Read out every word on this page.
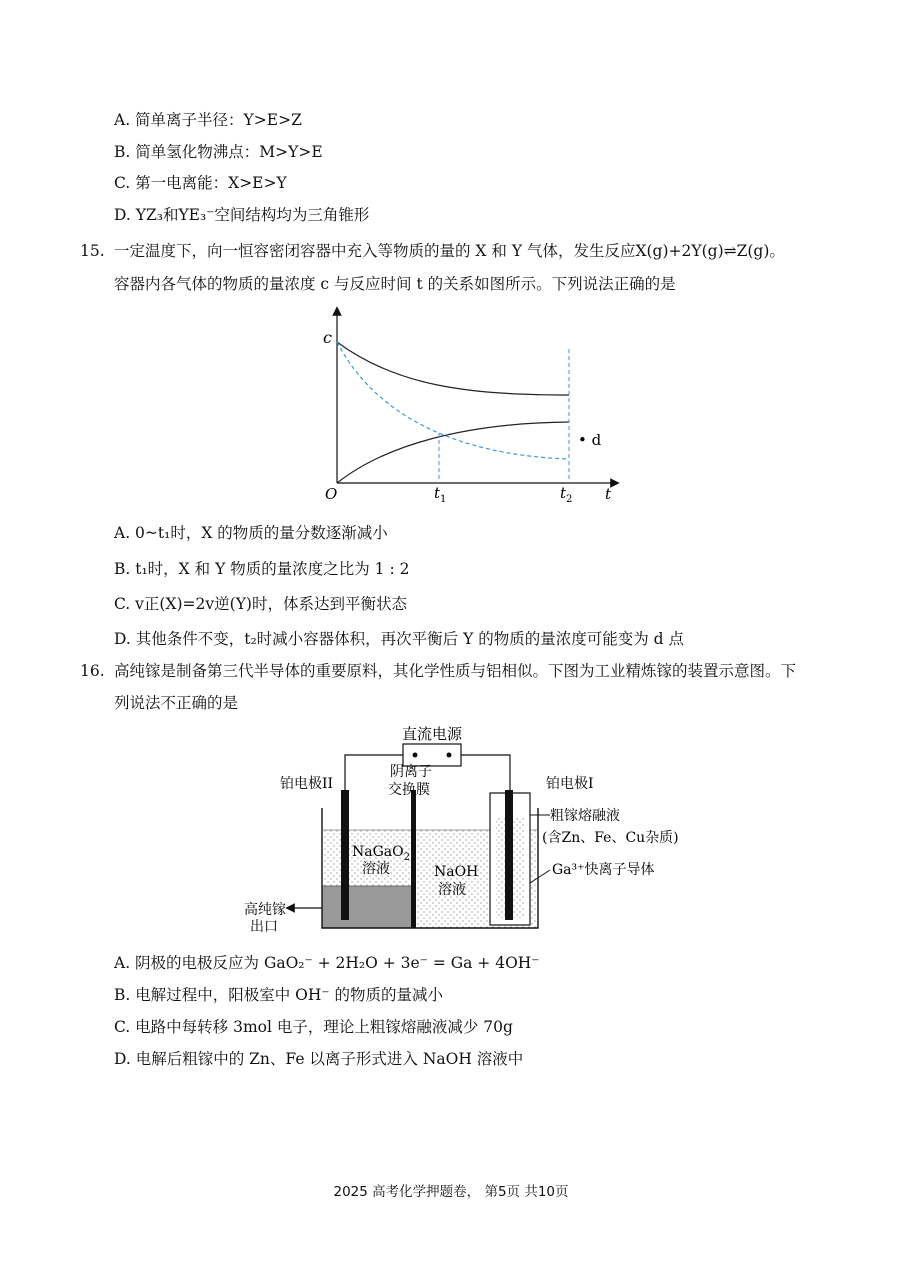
A. 简单离子半径：Y>E>Z
B. 简单氢化物沸点：M>Y>E
C. 第一电离能：X>E>Y
D. YZ₃和YE₃⁻空间结构均为三角锥形
15. 一定温度下，向一恒容密闭容器中充入等物质的量的 X 和 Y 气体，发生反应X(g)+2Y(g)⇌Z(g)。
容器内各气体的物质的量浓度 c 与反应时间 t 的关系如图所示。下列说法正确的是
c
O	t
$t_1$	$t_2$
• d
A. 0~t₁时，X 的物质的量分数逐渐减小
B. t₁时，X 和 Y 物质的量浓度之比为 1 : 2
C. v正(X)=2v逆(Y)时，体系达到平衡状态
D. 其他条件不变，t₂时减小容器体积，再次平衡后 Y 的物质的量浓度可能变为 d 点
16. 高纯镓是制备第三代半导体的重要原料，其化学性质与铝相似。下图为工业精炼镓的装置示意图。下
列说法不正确的是
直流电源
铂电极II
阴离子
交换膜	铂电极I
粗镓熔融液
(含Zn、Fe、Cu杂质)
NaGaO$_2$
溶液	NaOH
溶液
Ga³⁺快离子导体
高纯镓
出口
A. 阴极的电极反应为 GaO₂⁻ + 2H₂O + 3e⁻ = Ga + 4OH⁻
B. 电解过程中，阳极室中 OH⁻ 的物质的量减小
C. 电路中每转移 3mol 电子，理论上粗镓熔融液减少 70g
D. 电解后粗镓中的 Zn、Fe 以离子形式进入 NaOH 溶液中
2025 高考化学押题卷， 第5页 共10页
